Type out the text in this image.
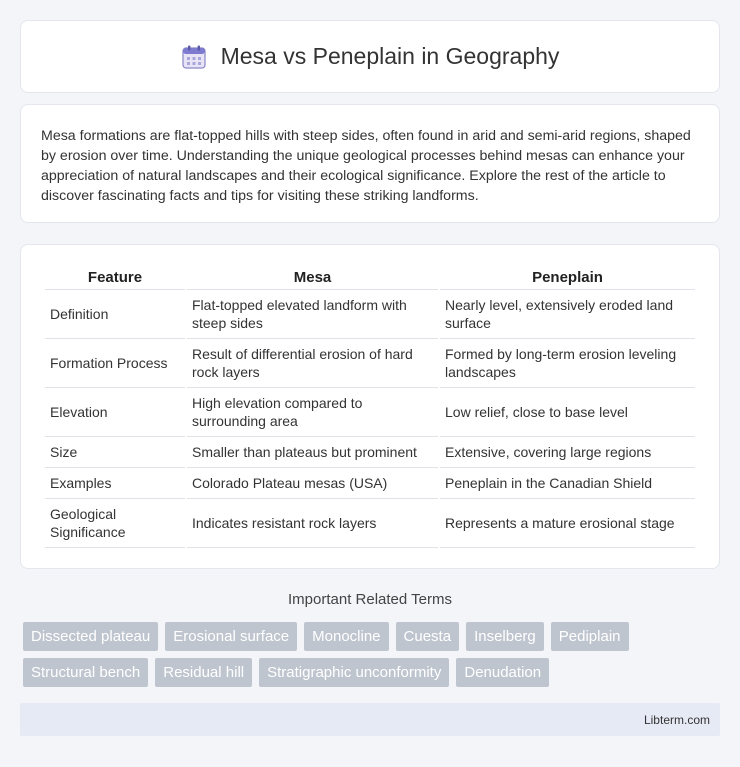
Mesa vs Peneplain in Geography

Mesa formations are flat-topped hills with steep sides, often found in arid and semi-arid regions, shaped by erosion over time. Understanding the unique geological processes behind mesas can enhance your appreciation of natural landscapes and their ecological significance. Explore the rest of the article to discover fascinating facts and tips for visiting these striking landforms.

Feature	Mesa	Peneplain
Definition	Flat-topped elevated landform with steep sides	Nearly level, extensively eroded land surface
Formation Process	Result of differential erosion of hard rock layers	Formed by long-term erosion leveling landscapes
Elevation	High elevation compared to surrounding area	Low relief, close to base level
Size	Smaller than plateaus but prominent	Extensive, covering large regions
Examples	Colorado Plateau mesas (USA)	Peneplain in the Canadian Shield
Geological Significance	Indicates resistant rock layers	Represents a mature erosional stage
Important Related Terms
Dissected plateau	Erosional surface	Monocline	Cuesta	Inselberg	Pediplain
Structural bench	Residual hill	Stratigraphic unconformity	Denudation
Libterm.com
